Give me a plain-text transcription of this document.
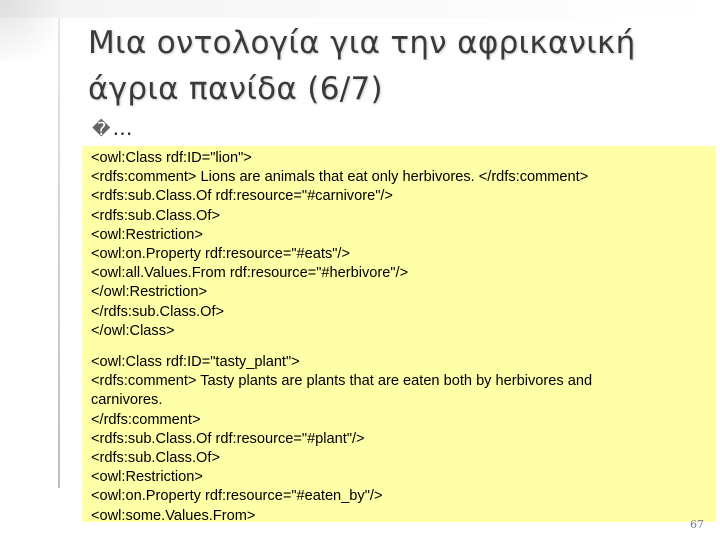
Μια οντολογία για την αφρικανική
άγρια πανίδα (6/7)
� …
<owl:Class rdf:ID="lion">
<rdfs:comment> Lions are animals that eat only herbivores. </rdfs:comment>
<rdfs:sub.Class.Of rdf:resource="#carnivore"/>
<rdfs:sub.Class.Of>
<owl:Restriction>
<owl:on.Property rdf:resource="#eats"/>
<owl:all.Values.From rdf:resource="#herbivore"/>
</owl:Restriction>
</rdfs:sub.Class.Of>
</owl:Class>
<owl:Class rdf:ID="tasty_plant">
<rdfs:comment> Tasty plants are plants that are eaten both by herbivores and carnivores.
</rdfs:comment>
<rdfs:sub.Class.Of rdf:resource="#plant"/>
<rdfs:sub.Class.Of>
<owl:Restriction>
<owl:on.Property rdf:resource="#eaten_by"/>
<owl:some.Values.From>
67
